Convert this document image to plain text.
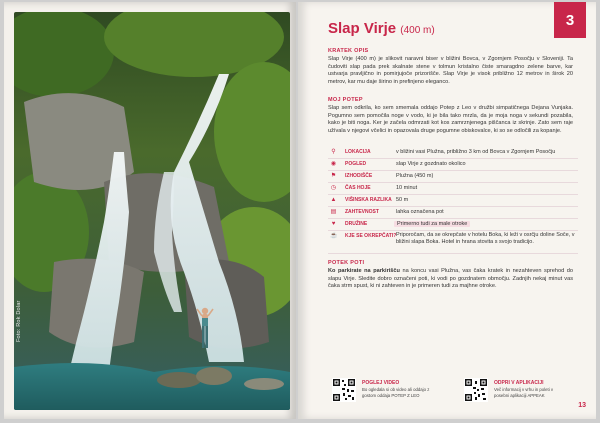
Foto: Rok Dolar
3
Slap Virje (400 m)
KRATEK OPIS
Slap Virje (400 m) je slikovit naravni biser v bližini Bovca, v Zgornjem Posočju v Sloveniji. Ta čudoviti slap pada prek skalnate stene v tolmun kristalno čiste smaragdno zelene barve, kar ustvarja pravljično in pomirjujoče prizorišče. Slap Virje je visok približno 12 metrov in širok 20 metrov, kar mu daje širino in prefinjeno eleganco.
MOJ POTEP
Slap sem odkrila, ko sem smemala oddajo Potep z Leo v družbi simpatičnega Dejana Vunjaka. Pogumno sem pomočila noge v vodo, ki je bila tako mrzla, da je moja noga v sekundi pozabila, kako je biti noga. Ker je začela odmrzati kot kos zamrznjenega piščanca iz skrinje. Zato sem raje užívala v njegovi včelici in opazovala druge pogumne obiskovalce, ki so se odločili za kopanje.
⚲ LOKACIJA	v bližini vasi Plužna, približno 3 km od Bovca v Zgornjem Posočju
◉ POGLED	slap Virje z gozdnato okolico
⚑ IZHODIŠČE	Plužna (450 m)
◷ ČAS HOJE	10 minut
▲ VIŠINSKA RAZLIKA 50 m
▤ ZAHTEVNOST	lahka označena pot
♥	DRUŽINE	Primerno tudi za male otroke
☕ KJE SE OKREPČATI? Priporočam, da se okrepčate v hotelu Boka, ki leži v osrčju doline Soče, v bližini slapa Boka. Hotel in hrana stovita s svojo tradicijo.
POTEK POTI
Ko parkirate na parkirišču na koncu vasi Plužna, vas čaka kratek in nezahteven sprehod do slapu Virje. Sledite dobro označeni poti, ki vodi po gozdnatem območju. Zadnjih nekaj minut vas čaka strm spust, ki ni zahteven in je primeren tudi za majhne otroke.
POGLEJ VIDEO
Bo ogledala si ob video ali oddajo z gostom oddaja POTEP Z LEO
ODPRI V APLIKACIJI
Več informacij v vrhu in poleti v posebni aplikaciji APPEAK
13
